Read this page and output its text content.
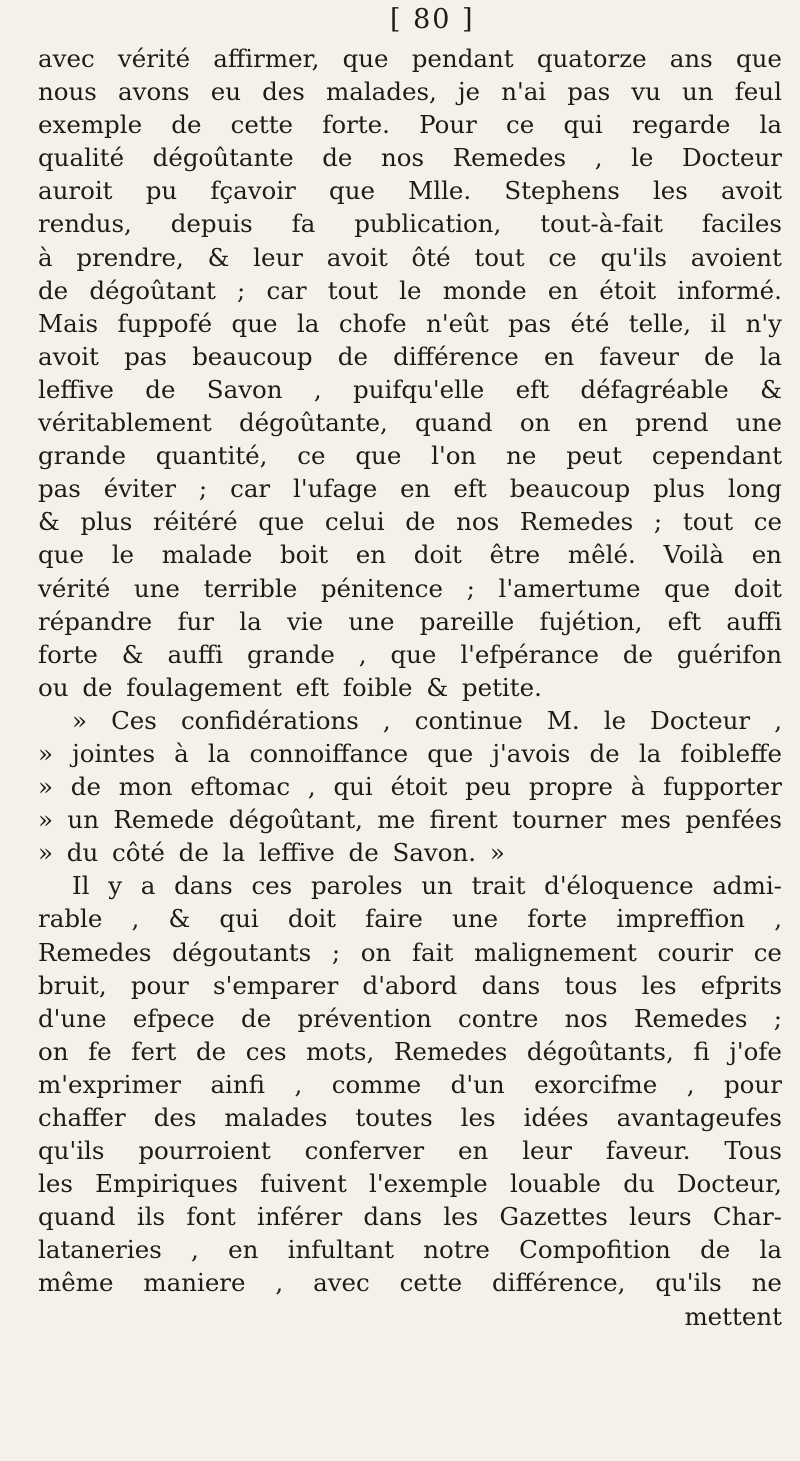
[ 80 ]
avec vérité affirmer, que pendant quatorze ans que
nous avons eu des malades, je n'ai pas vu un feul
exemple de cette forte. Pour ce qui regarde la
qualité dégoûtante de nos Remedes , le Docteur
auroit pu fçavoir que Mlle. Stephens les avoit
rendus, depuis fa publication, tout-à-fait faciles
à prendre, & leur avoit ôté tout ce qu'ils avoient
de dégoûtant ; car tout le monde en étoit informé.
Mais fuppofé que la chofe n'eût pas été telle, il n'y
avoit pas beaucoup de différence en faveur de la
leffive de Savon , puifqu'elle eft défagréable &
véritablement dégoûtante, quand on en prend une
grande quantité, ce que l'on ne peut cependant
pas éviter ; car l'ufage en eft beaucoup plus long
& plus réitéré que celui de nos Remedes ; tout ce
que le malade boit en doit être mêlé. Voilà en
vérité une terrible pénitence ; l'amertume que doit
répandre fur la vie une pareille fujétion, eft auffi
forte & auffi grande , que l'efpérance de guérifon
ou de foulagement eft foible & petite.
» Ces confidérations , continue M. le Docteur ,
» jointes à la connoiffance que j'avois de la foibleffe
» de mon eftomac , qui étoit peu propre à fupporter
» un Remede dégoûtant, me firent tourner mes penfées
» du côté de la leffive de Savon. »
Il y a dans ces paroles un trait d'éloquence admi-
rable , & qui doit faire une forte impreffion ,
Remedes dégoutants ; on fait malignement courir ce
bruit, pour s'emparer d'abord dans tous les efprits
d'une efpece de prévention contre nos Remedes ;
on fe fert de ces mots, Remedes dégoûtants, fi j'ofe
m'exprimer ainfi , comme d'un exorcifme , pour
chaffer des malades toutes les idées avantageufes
qu'ils pourroient conferver en leur faveur. Tous
les Empiriques fuivent l'exemple louable du Docteur,
quand ils font inférer dans les Gazettes leurs Char-
lataneries , en infultant notre Compofition de la
même maniere , avec cette différence, qu'ils ne
mettent
